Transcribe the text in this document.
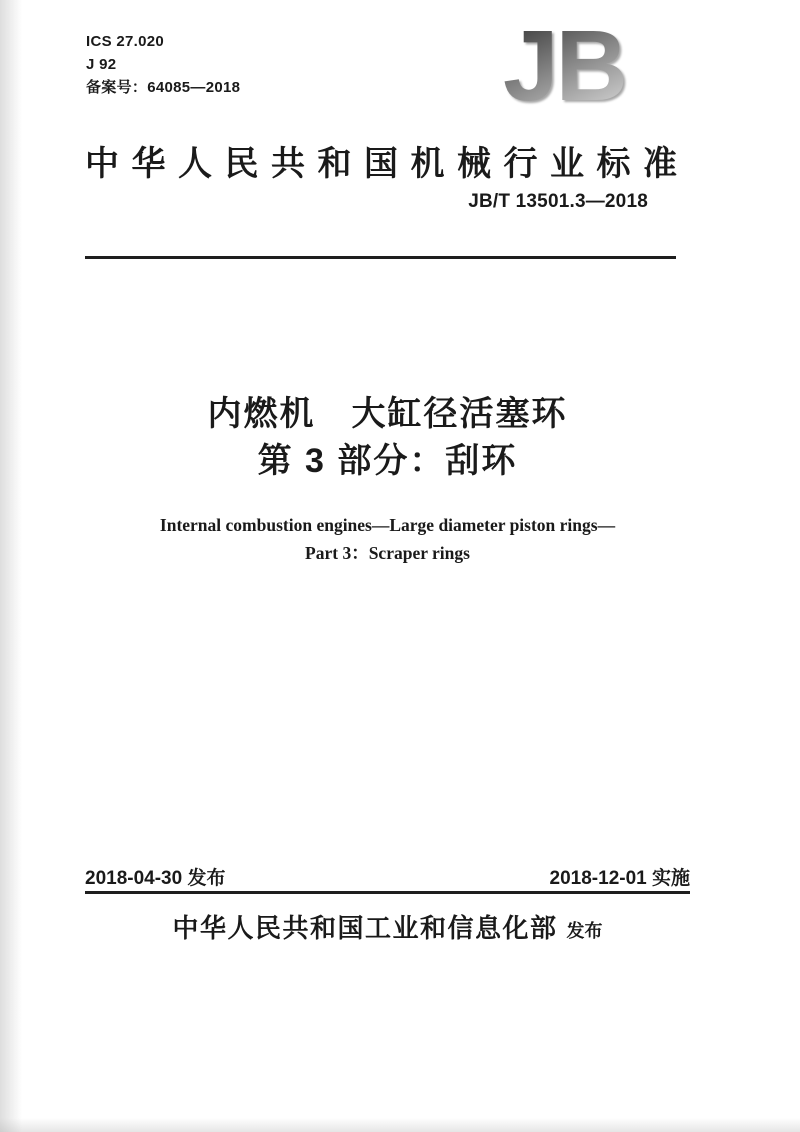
ICS 27.020
J 92
备案号：64085—2018	JB
中华人民共和国机械行业标准
JB/T 13501.3—2018
内燃机　大缸径活塞环
第 3 部分：刮环
Internal combustion engines—Large diameter piston rings—
Part 3：Scraper rings
2018-04-30 发布	2018-12-01 实施
中华人民共和国工业和信息化部 发布
